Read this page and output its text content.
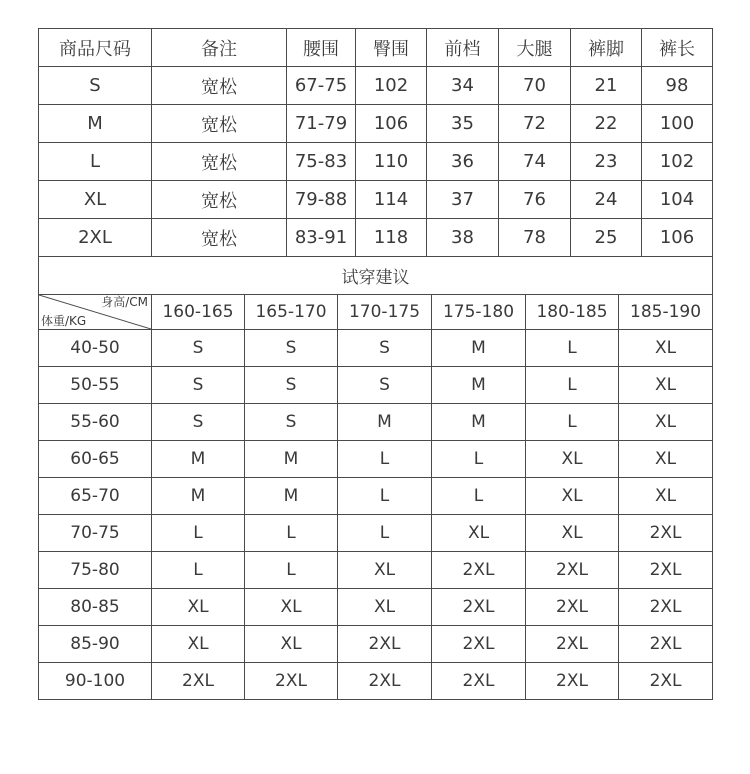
商品尺码	备注	腰围	臀围	前档	大腿	裤脚	裤长
S	宽松	67-75	102	34	70	21	98
M	宽松	71-79	106	35	72	22	100
L	宽松	75-83	110	36	74	23	102
XL	宽松	79-88	114	37	76	24	104
2XL	宽松	83-91	118	38	78	25	106
试穿建议						

身高/CM
体重/KG	160-165	165-170	170-175	175-180	180-185	185-190
40-50	S	S	S	M	L	XL
50-55	S	S	S	M	L	XL
55-60	S	S	M	M	L	XL
60-65	M	M	L	L	XL	XL
65-70	M	M	L	L	XL	XL
70-75	L	L	L	XL	XL	2XL
75-80	L	L	XL	2XL	2XL	2XL
80-85	XL	XL	XL	2XL	2XL	2XL
85-90	XL	XL	2XL	2XL	2XL	2XL
90-100	2XL	2XL	2XL	2XL	2XL	2XL
